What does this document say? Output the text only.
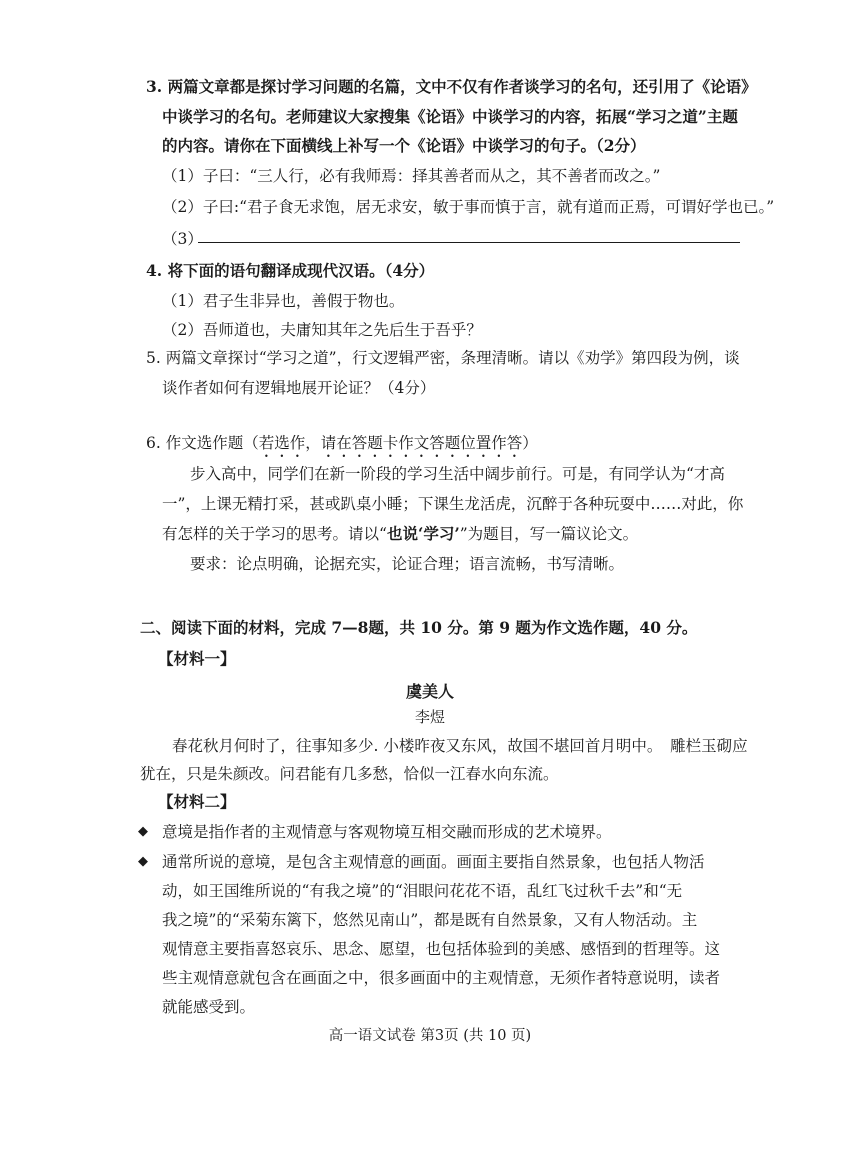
3. 两篇文章都是探讨学习问题的名篇，文中不仅有作者谈学习的名句，还引用了《论语》
中谈学习的名句。老师建议大家搜集《论语》中谈学习的内容，拓展“学习之道”主题
的内容。请你在下面横线上补写一个《论语》中谈学习的句子。（2分）
（1）子曰：“三人行，必有我师焉：择其善者而从之，其不善者而改之。”
（2）子曰:“君子食无求饱，居无求安，敏于事而慎于言，就有道而正焉，可谓好学也已。”
（3）
4. 将下面的语句翻译成现代汉语。（4分）
（1）君子生非异也，善假于物也。
（2）吾师道也，夫庸知其年之先后生于吾乎？
5. 两篇文章探讨“学习之道”，行文逻辑严密，条理清晰。请以《劝学》第四段为例，谈
谈作者如何有逻辑地展开论证？（4分）
6. 作文选作题（若选作，请在答题卡作文答题位置作答）
步入高中，同学们在新一阶段的学习生活中阔步前行。可是，有同学认为“才高
一”，上课无精打采，甚或趴桌小睡；下课生龙活虎，沉醉于各种玩耍中……对此，你
有怎样的关于学习的思考。请以“也说‘学习’”为题目，写一篇议论文。
要求：论点明确，论据充实，论证合理；语言流畅，书写清晰。
二、阅读下面的材料，完成 7—8题，共 10 分。第 9 题为作文选作题，40 分。
【材料一】
虞美人
李煜
春花秋月何时了，往事知多少. 小楼昨夜又东风，故国不堪回首月明中。　雕栏玉砌应
犹在，只是朱颜改。问君能有几多愁，恰似一江春水向东流。
【材料二】
◆ 意境是指作者的主观情意与客观物境互相交融而形成的艺术境界。
◆ 通常所说的意境，是包含主观情意的画面。画面主要指自然景象，也包括人物活
动，如王国维所说的“有我之境”的“泪眼问花花不语，乱红飞过秋千去”和“无
我之境”的“采菊东篱下，悠然见南山”，都是既有自然景象，又有人物活动。主
观情意主要指喜怒哀乐、思念、愿望，也包括体验到的美感、感悟到的哲理等。这
些主观情意就包含在画面之中，很多画面中的主观情意，无须作者特意说明，读者
就能感受到。
高一语文试卷 第3页 (共 10 页)
